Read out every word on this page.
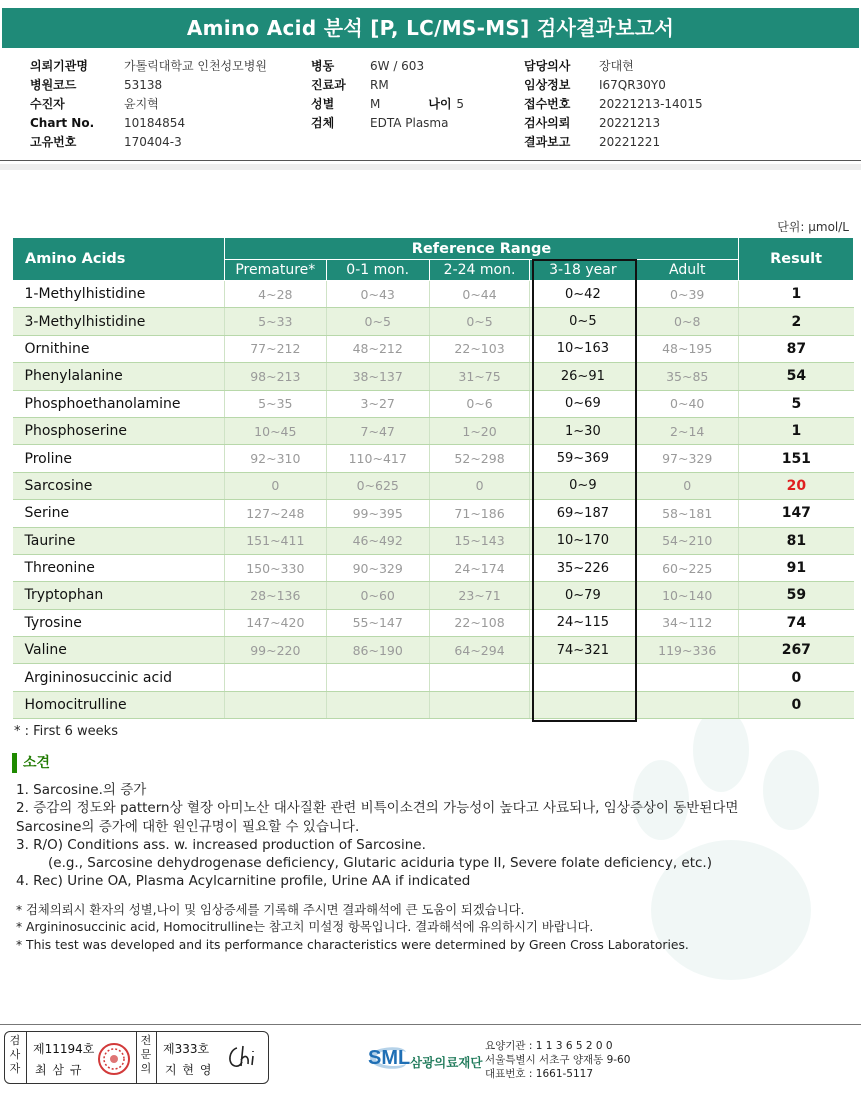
Amino Acid 분석 [P, LC/MS-MS] 검사결과보고서
의뢰기관명	가톨릭대학교 인천성모병원
병원코드	53138
수진자	윤지혁
Chart No. 10184854
고유번호	170404-3
병동	6W / 603
진료과 RM
성별	M	나이 5
검체	EDTA Plasma
담당의사 장대현
임상정보 I67QR30Y0
접수번호 20221213-14015
검사의뢰 20221213
결과보고 20221221
단위: μmol/L
Amino Acids	Reference Range					Result
	Premature*	0-1 mon.	2-24 mon.	3-18 year	Adult	
1-Methylhistidine	4~28	0~43	0~44	0~42	0~39	1
3-Methylhistidine	5~33	0~5	0~5	0~5	0~8	2
Ornithine	77~212	48~212	22~103	10~163	48~195	87
Phenylalanine	98~213	38~137	31~75	26~91	35~85	54
Phosphoethanolamine	5~35	3~27	0~6	0~69	0~40	5
Phosphoserine	10~45	7~47	1~20	1~30	2~14	1
Proline	92~310	110~417	52~298	59~369	97~329	151
Sarcosine	0	0~625	0	0~9	0	20
Serine	127~248	99~395	71~186	69~187	58~181	147
Taurine	151~411	46~492	15~143	10~170	54~210	81
Threonine	150~330	90~329	24~174	35~226	60~225	91
Tryptophan	28~136	0~60	23~71	0~79	10~140	59
Tyrosine	147~420	55~147	22~108	24~115	34~112	74
Valine	99~220	86~190	64~294	74~321	119~336	267
Argininosuccinic acid						0
Homocitrulline						0
* : First 6 weeks
소견
1. Sarcosine.의 증가
2. 증감의 정도와 pattern상 혈장 아미노산 대사질환 관련 비특이소견의 가능성이 높다고 사료되나, 임상증상이 동반된다면
Sarcosine의 증가에 대한 원인규명이 필요할 수 있습니다.
3. R/O) Conditions ass. w. increased production of Sarcosine.
(e.g., Sarcosine dehydrogenase deficiency, Glutaric aciduria type II, Severe folate deficiency, etc.)
4. Rec) Urine OA, Plasma Acylcarnitine profile, Urine AA if indicated
* 검체의뢰시 환자의 성별,나이 및 임상증세를 기록해 주시면 결과해석에 큰 도움이 되겠습니다.
* Argininosuccinic acid, Homocitrulline는 참고치 미설정 항목입니다. 결과해석에 유의하시기 바랍니다.
* This test was developed and its performance characteristics were determined by Green Cross Laboratories.
검사자
제11194호
최 삼 규
전문의
제333호
지 현 영
SML 삼광의료재단
요양기관 : 1 1 3 6 5 2 0 0
서울특별시 서초구 양재동 9-60
대표번호 : 1661-5117
